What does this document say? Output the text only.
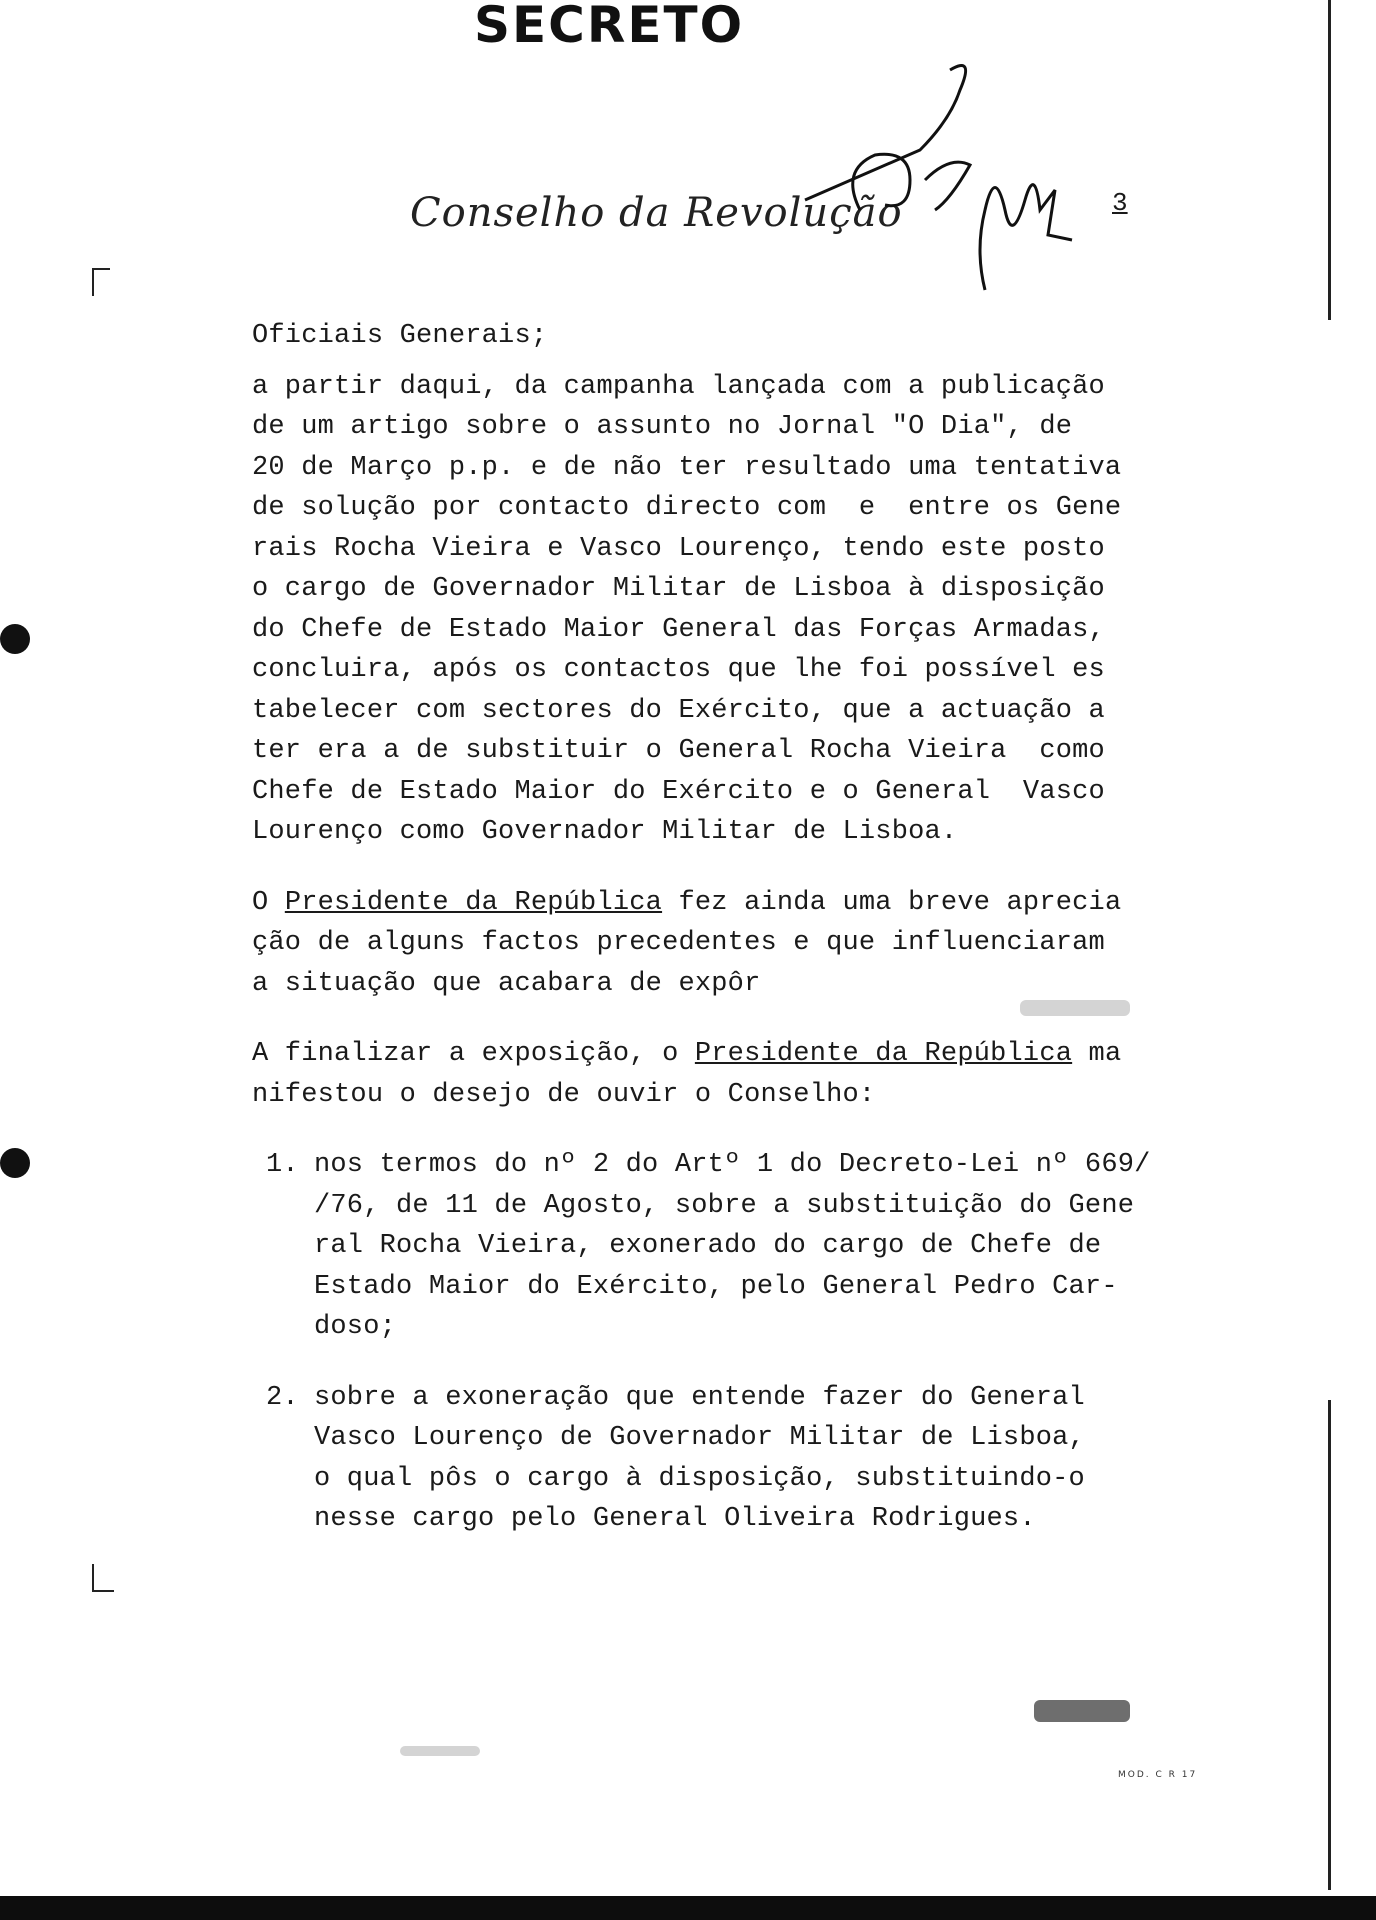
SECRETO
Conselho da Revolução	3
Oficiais Generais;
a partir daqui, da campanha lançada com a publicação
de um artigo sobre o assunto no Jornal "O Dia", de
20 de Março p.p. e de não ter resultado uma tentativa
de solução por contacto directo com  e  entre os Gene
rais Rocha Vieira e Vasco Lourenço, tendo este posto
o cargo de Governador Militar de Lisboa à disposição
do Chefe de Estado Maior General das Forças Armadas,
concluira, após os contactos que lhe foi possível es
tabelecer com sectores do Exército, que a actuação a
ter era a de substituir o General Rocha Vieira  como
Chefe de Estado Maior do Exército e o General  Vasco
Lourenço como Governador Militar de Lisboa.
O Presidente da República fez ainda uma breve aprecia
ção de alguns factos precedentes e que influenciaram
a situação que acabara de expôr
A finalizar a exposição, o Presidente da República ma
nifestou o desejo de ouvir o Conselho:
1. nos termos do nº 2 do Artº 1 do Decreto-Lei nº 669/
/76, de 11 de Agosto, sobre a substituição do Gene
ral Rocha Vieira, exonerado do cargo de Chefe de
Estado Maior do Exército, pelo General Pedro Car-
doso;
2. sobre a exoneração que entende fazer do General
Vasco Lourenço de Governador Militar de Lisboa,
o qual pôs o cargo à disposição, substituindo-o
nesse cargo pelo General Oliveira Rodrigues.
MOD. C R 17
